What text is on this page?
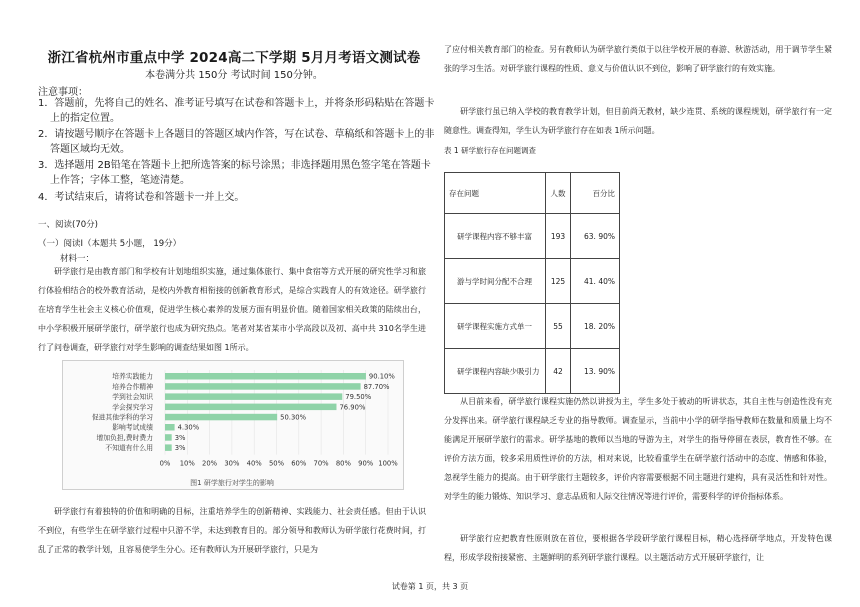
浙江省杭州市重点中学 2024高二下学期 5月月考语文测试卷
本卷满分共 150分 考试时间 150分钟。
注意事项：
1．答题前，先将自己的姓名、准考证号填写在试卷和答题卡上，并将条形码粘贴在答题卡上的指定位置。
2．请按题号顺序在答题卡上各题目的答题区域内作答，写在试卷、草稿纸和答题卡上的非答题区域均无效。
3．选择题用 2B铅笔在答题卡上把所选答案的标号涂黑；非选择题用黑色签字笔在答题卡上作答；字体工整，笔迹清楚。
4．考试结束后，请将试卷和答题卡一并上交。
一、阅读(70分)
（一）阅读Ⅰ（本题共 5小题， 19分）
材料一：
研学旅行是由教育部门和学校有计划地组织实施，通过集体旅行、集中食宿等方式开展的研究性学习和旅行体验相结合的校外教育活动，是校内外教育相衔接的创新教育形式，是综合实践育人的有效途径。研学旅行在培育学生社会主义核心价值观，促进学生核心素养的发展方面有明显价值。随着国家相关政策的陆续出台，中小学积极开展研学旅行，研学旅行也成为研究热点。笔者对某省某市小学高段以及初、高中共 310名学生进行了问卷调查，研学旅行对学生影响的调查结果如图 1所示。
0% 10% 20% 30% 40% 50% 60% 70% 80% 90% 100%
培养实践能力	90.10%
培养合作精神	87.70%
学到社会知识	79.50%
学会探究学习	76.90%
促进其他学科的学习	50.30%
影响考试成绩	4.30%
增加负担,费时费力	3%
不知道有什么用	3%
图1 研学旅行对学生的影响
研学旅行有着独特的价值和明确的目标，注重培养学生的创新精神、实践能力、社会责任感。但由于认识不到位，有些学生在研学旅行过程中只游不学，未达到教育目的。部分领导和教师认为研学旅行花费时间，打乱了正常的教学计划，且容易使学生分心。还有教师认为开展研学旅行，只是为
了应付相关教育部门的检查。另有教师认为研学旅行类似于以往学校开展的春游、秋游活动，用于调节学生紧张的学习生活。对研学旅行课程的性质、意义与价值认识不到位，影响了研学旅行的有效实施。
研学旅行虽已纳入学校的教育教学计划，但目前尚无教材，缺少连贯、系统的课程规划，研学旅行有一定随意性。调查得知，学生认为研学旅行存在如表 1所示问题。
表 1 研学旅行存在问题调查
存在问题	人数	百分比
研学课程内容不够丰富	193	63. 90%
游与学时间分配不合理	125	41. 40%
研学课程实施方式单一	55	18. 20%
研学课程内容缺少吸引力	42	13. 90%
从目前来看，研学旅行课程实施仍然以讲授为主，学生多处于被动的听讲状态，其自主性与创造性没有充分发挥出来。研学旅行课程缺乏专业的指导教师。调查显示，当前中小学的研学指导教师在数量和质量上均不能满足开展研学旅行的需求。研学基地的教师以当地的导游为主，对学生的指导停留在表层，教育性不够。在评价方法方面，较多采用质性评价的方法，相对来说，比较看重学生在研学旅行活动中的态度、情感和体验，忽视学生能力的提高。由于研学旅行主题较多，评价内容需要根据不同主题进行建构，具有灵活性和针对性。对学生的能力锻炼、知识学习、意志品质和人际交往情况等进行评价，需要科学的评价指标体系。
研学旅行应把教育性原则放在首位，要根据各学段研学旅行课程目标，精心选择研学地点，开发特色课程，形成学段衔接紧密、主题鲜明的系列研学旅行课程。以主题活动方式开展研学旅行，让
试卷第 1 页，共 3 页
